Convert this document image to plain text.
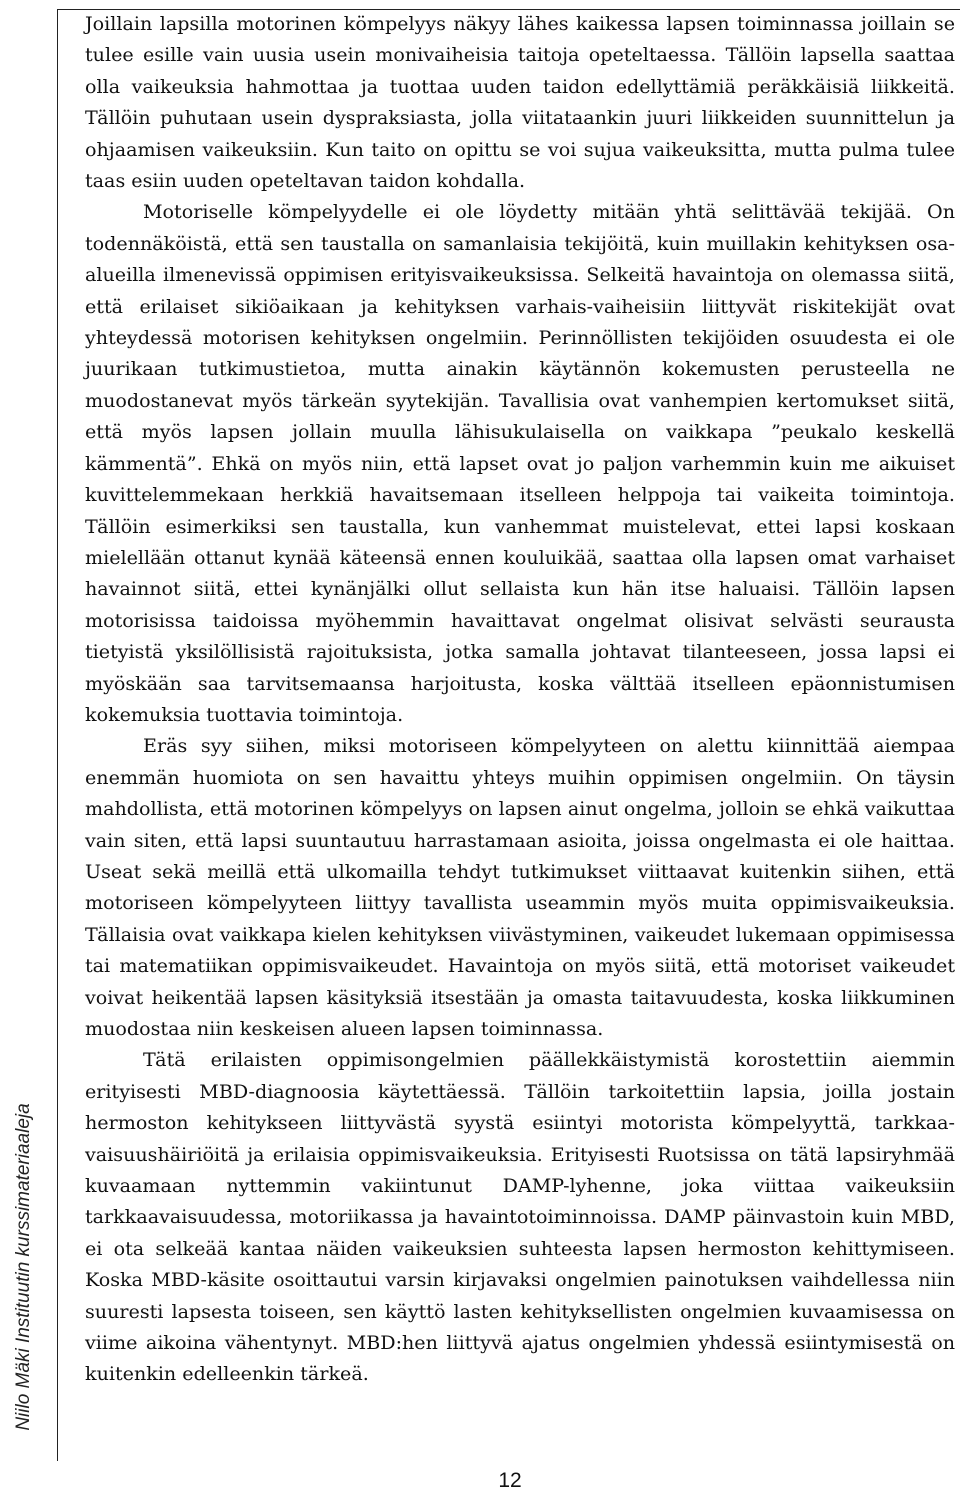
Niilo Mäki Instituutin kurssimateriaaleja

Joillain lapsilla motorinen kömpelyys näkyy lähes kaikessa lapsen toiminnassa joillain se tulee esille vain uusia usein monivaiheisia taitoja opeteltaessa. Tällöin lapsella saattaa olla vaikeuksia hahmottaa ja tuottaa uuden taidon edellyttämiä peräkkäisiä liikkeitä. Tällöin puhutaan usein dyspraksiasta, jolla viitataankin juuri liikkeiden suunnittelun ja ohjaamisen vaikeuksiin. Kun taito on opittu se voi sujua vaikeuksitta, mutta pulma tulee taas esiin uuden opeteltavan taidon kohdalla.

Motoriselle kömpelyydelle ei ole löydetty mitään yhtä selittävää tekijää. On todennäköistä, että sen taustalla on samanlaisia tekijöitä, kuin muillakin kehityksen osa-alueilla ilmenevissä oppimisen erityisvaikeuksissa. Selkeitä havaintoja on olemassa siitä, että erilaiset sikiöaikaan ja kehityksen varhais-vaiheisiin liittyvät riskitekijät ovat yhteydessä motorisen kehityksen ongelmiin. Perinnöllisten tekijöiden osuudesta ei ole juurikaan tutkimustietoa, mutta ainakin käytännön kokemusten perusteella ne muodostanevat myös tärkeän syytekijän. Tavallisia ovat vanhempien kertomukset siitä, että myös lapsen jollain muulla lähisukulaisella on vaikkapa ”peukalo keskellä kämmentä”. Ehkä on myös niin, että lapset ovat jo paljon varhemmin kuin me aikuiset kuvittelemmekaan herkkiä havaitsemaan itselleen helppoja tai vaikeita toimintoja. Tällöin esimerkiksi sen taustalla, kun vanhemmat muistelevat, ettei lapsi koskaan mielellään ottanut kynää käteensä ennen kouluikää, saattaa olla lapsen omat varhaiset havainnot siitä, ettei kynänjälki ollut sellaista kun hän itse haluaisi. Tällöin lapsen motorisissa taidoissa myöhemmin havaittavat ongelmat olisivat selvästi seurausta tietyistä yksilöllisistä rajoituksista, jotka samalla johtavat tilanteeseen, jossa lapsi ei myöskään saa tarvitsemaansa harjoitusta, koska välttää itselleen epäonnistumisen kokemuksia tuottavia toimintoja.

Eräs syy siihen, miksi motoriseen kömpelyyteen on alettu kiinnittää aiempaa enemmän huomiota on sen havaittu yhteys muihin oppimisen ongelmiin. On täysin mahdollista, että motorinen kömpelyys on lapsen ainut ongelma, jolloin se ehkä vaikuttaa vain siten, että lapsi suuntautuu harrastamaan asioita, joissa ongelmasta ei ole haittaa. Useat sekä meillä että ulkomailla tehdyt tutkimukset viittaavat kuitenkin siihen, että motoriseen kömpelyyteen liittyy tavallista useammin myös muita oppimisvaikeuksia. Tällaisia ovat vaikkapa kielen kehityksen viivästyminen, vaikeudet lukemaan oppimisessa tai matematiikan oppimisvaikeudet. Havaintoja on myös siitä, että motoriset vaikeudet voivat heikentää lapsen käsityksiä itsestään ja omasta taitavuudesta, koska liikkuminen muodostaa niin keskeisen alueen lapsen toiminnassa.

Tätä erilaisten oppimisongelmien päällekkäistymistä korostettiin aiemmin erityisesti MBD-diagnoosia käytettäessä. Tällöin tarkoitettiin lapsia, joilla jostain hermoston kehitykseen liittyvästä syystä esiintyi motorista kömpelyyttä, tarkkaavaisuushäiriöitä ja erilaisia oppimisvaikeuksia. Erityisesti Ruotsissa on tätä lapsiryhmää kuvaamaan nyttemmin vakiintunut DAMP-lyhenne, joka viittaa vaikeuksiin tarkkaavaisuudessa, motoriikassa ja havaintotoiminnoissa. DAMP päinvastoin kuin MBD, ei ota selkeää kantaa näiden vaikeuksien suhteesta lapsen hermoston kehittymiseen. Koska MBD-käsite osoittautui varsin kirjavaksi ongelmien painotuksen vaihdellessa niin suuresti lapsesta toiseen, sen käyttö lasten kehityksellisten ongelmien kuvaamisessa on viime aikoina vähentynyt. MBD:hen liittyvä ajatus ongelmien yhdessä esiintymisestä on kuitenkin edelleenkin tärkeä.

12
